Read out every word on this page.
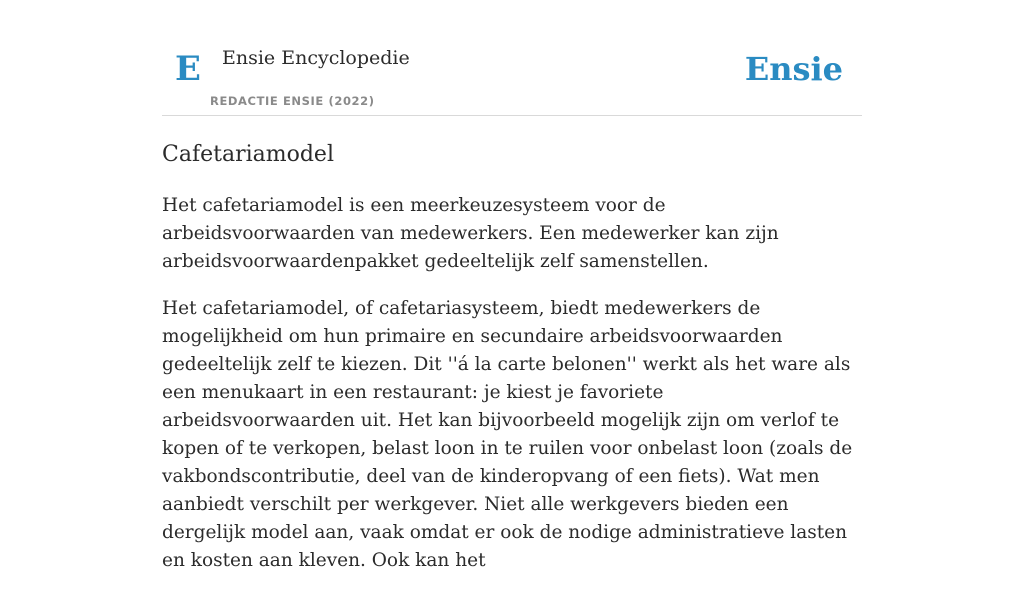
E Ensie Encyclopedie
REDACTIE ENSIE (2022)
Ensie
Cafetariamodel

Het cafetariamodel is een meerkeuzesysteem voor de arbeidsvoorwaarden van medewerkers. Een medewerker kan zijn arbeidsvoorwaardenpakket gedeeltelijk zelf samenstellen.

Het cafetariamodel, of cafetariasysteem, biedt medewerkers de mogelijkheid om hun primaire en secundaire arbeidsvoorwaarden gedeeltelijk zelf te kiezen. Dit ''á la carte belonen'' werkt als het ware als een menukaart in een restaurant: je kiest je favoriete arbeidsvoorwaarden uit. Het kan bijvoorbeeld mogelijk zijn om verlof te kopen of te verkopen, belast loon in te ruilen voor onbelast loon (zoals de vakbondscontributie, deel van de kinderopvang of een fiets). Wat men aanbiedt verschilt per werkgever. Niet alle werkgevers bieden een dergelijk model aan, vaak omdat er ook de nodige administratieve lasten en kosten aan kleven. Ook kan het
